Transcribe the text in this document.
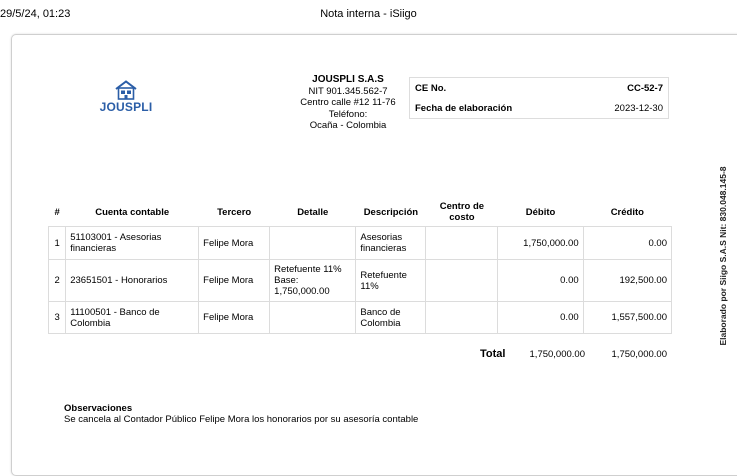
29/5/24, 01:23	Nota interna - iSiigo
JOUSPLI
JOUSPLI S.A.S
NIT 901.345.562-7
Centro calle #12 11-76
Teléfono:
Ocaña - Colombia
CE No.	CC-52-7
Fecha de elaboración	2023-12-30
#	Cuenta contable	Tercero	Detalle	Descripción	Centro de costo	Débito	Crédito
1	51103001 - Asesorias financieras	Felipe Mora		Asesorias financieras		1,750,000.00	0.00
2	23651501 - Honorarios	Felipe Mora	Retefuente 11% Base: 1,750,000.00	Retefuente 11%		0.00	192,500.00
3	11100501 - Banco de Colombia	Felipe Mora		Banco de Colombia		0.00	1,557,500.00
Total	1,750,000.00	1,750,000.00
Observaciones
Se cancela al Contador Público Felipe Mora los honorarios por su asesoría contable
Elaborado por Siigo S.A.S Nit: 830.048.145-8
